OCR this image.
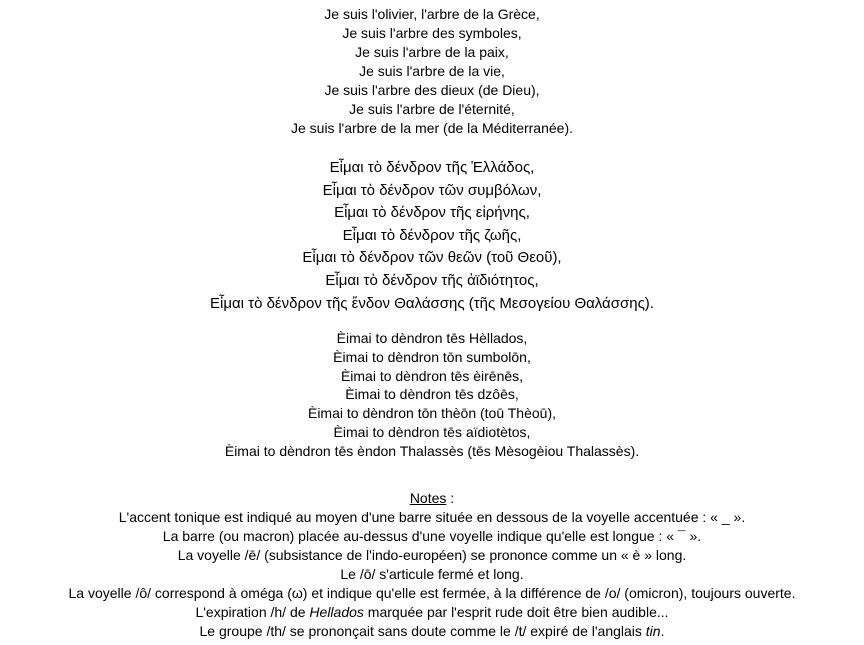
Je suis l'olivier, l'arbre de la Grèce,
Je suis l'arbre des symboles,
Je suis l'arbre de la paix,
Je suis l'arbre de la vie,
Je suis l'arbre des dieux (de Dieu),
Je suis l'arbre de l'éternité,
Je suis l'arbre de la mer (de la Méditerranée).
Εἶμαι τὸ δένδρον τῆς Ἑλλάδος,
Εἶμαι τὸ δένδρον τῶν συμβόλων,
Εἶμαι τὸ δένδρον τῆς εἰρήνης,
Εἶμαι τὸ δένδρον τῆς ζωῆς,
Εἶμαι τὸ δένδρον τῶν θεῶν (τοῦ Θεοῦ),
Εἶμαι τὸ δένδρον τῆς ἀϊδιότητος,
Εἶμαι τὸ δένδρον τῆς ἔνδον Θαλάσσης (τῆς Μεσογείου Θαλάσσης).
Èimai to dèndron tēs Hèllados,
Èimai to dèndron tōn sumbolōn,
Èimai to dèndron tēs èirēnēs,
Èimai to dèndron tēs dzôēs,
Èimai to dèndron tōn thèōn (toū Thèoū),
Èimai to dèndron tēs aïdiotètos,
Èimai to dèndron tēs èndon Thalassès (tēs Mèsogèiou Thalassès).
Notes :
L'accent tonique est indiqué au moyen d'une barre située en dessous de la voyelle accentuée : « _ ».
La barre (ou macron) placée au-dessus d'une voyelle indique qu'elle est longue : « ¯ ».
La voyelle /ē/ (subsistance de l'indo-européen) se prononce comme un « è » long.
Le /ō/ s'articule fermé et long.
La voyelle /ô/ correspond à oméga (ω) et indique qu'elle est fermée, à la différence de /o/ (omicron), toujours ouverte.
L'expiration /h/ de Hellados marquée par l'esprit rude doit être bien audible...
Le groupe /th/ se prononçait sans doute comme le /t/ expiré de l'anglais tin.
